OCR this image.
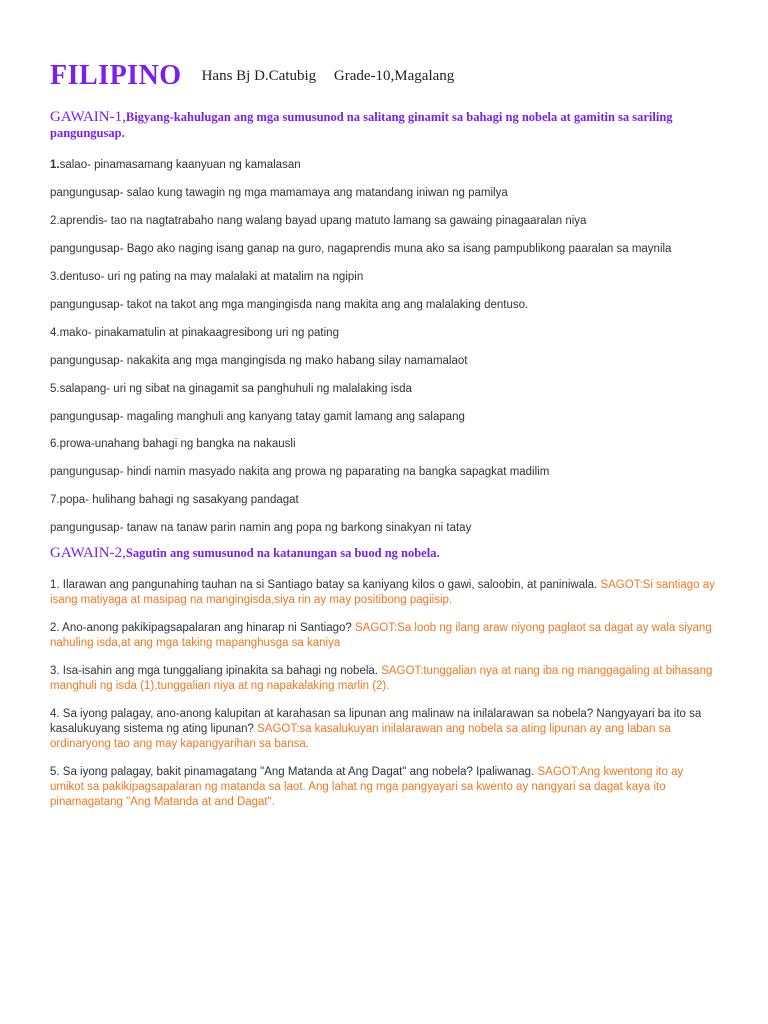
FILIPINO Hans Bj D.Catubig Grade-10,Magalang
GAWAIN-1,Bigyang-kahulugan ang mga sumusunod na salitang ginamit sa bahagi ng nobela at gamitin sa sariling pangungusap.
1.salao- pinamasamang kaanyuan ng kamalasan
pangungusap- salao kung tawagin ng mga mamamaya ang matandang iniwan ng pamilya
2.aprendis- tao na nagtatrabaho nang walang bayad upang matuto lamang sa gawaing pinagaaralan niya
pangungusap- Bago ako naging isang ganap na guro, nagaprendis muna ako sa isang pampublikong paaralan sa maynila
3.dentuso- uri ng pating na may malalaki at matalim na ngipin
pangungusap- takot na takot ang mga mangingisda nang makita ang ang malalaking dentuso.
4.mako- pinakamatulin at pinakaagresibong uri ng pating
pangungusap- nakakita ang mga mangingisda ng mako habang silay namamalaot
5.salapang- uri ng sibat na ginagamit sa panghuhuli ng malalaking isda
pangungusap- magaling manghuli ang kanyang tatay gamit lamang ang salapang
6.prowa-unahang bahagi ng bangka na nakausli
pangungusap- hindi namin masyado nakita ang prowa ng paparating na bangka sapagkat madilim
7.popa- hulihang bahagi ng sasakyang pandagat
pangungusap- tanaw na tanaw parin namin ang popa ng barkong sinakyan ni tatay
GAWAIN-2,Sagutin ang sumusunod na katanungan sa buod ng nobela.
1. Ilarawan ang pangunahing tauhan na si Santiago batay sa kaniyang kilos o gawi, saloobin, at paniniwala. SAGOT:Si santiago ay
isang matiyaga at masipag na mangingisda,siya rin ay may positibong pagiisip.
2. Ano-anong pakikipagsapalaran ang hinarap ni Santiago? SAGOT:Sa loob ng ilang araw niyong paglaot sa dagat ay wala siyang
nahuling isda,at ang mga taking mapanghusga sa kaniya
3. Isa-isahin ang mga tunggaliang ipinakita sa bahagi ng nobela. SAGOT:tunggalian nya at nang iba ng manggagaling at bihasang
manghuli ng isda (1),tunggalian niya at ng napakalaking marlin (2).
4. Sa iyong palagay, ano-anong kalupitan at karahasan sa lipunan ang malinaw na inilalarawan sa nobela? Nangyayari ba ito sa
kasalukuyang sistema ng ating lipunan? SAGOT:sa kasalukuyan inilalarawan ang nobela sa ating lipunan ay ang laban sa
ordinaryong tao ang may kapangyarihan sa bansa.
5. Sa iyong palagay, bakit pinamagatang "Ang Matanda at Ang Dagat" ang nobela? Ipaliwanag. SAGOT:Ang kwentong ito ay
umikot sa pakikipagsapalaran ng matanda sa laot. Ang lahat ng mga pangyayari sa kwento ay nangyari sa dagat kaya ito
pinamagatang "Ang Matanda at and Dagat".
